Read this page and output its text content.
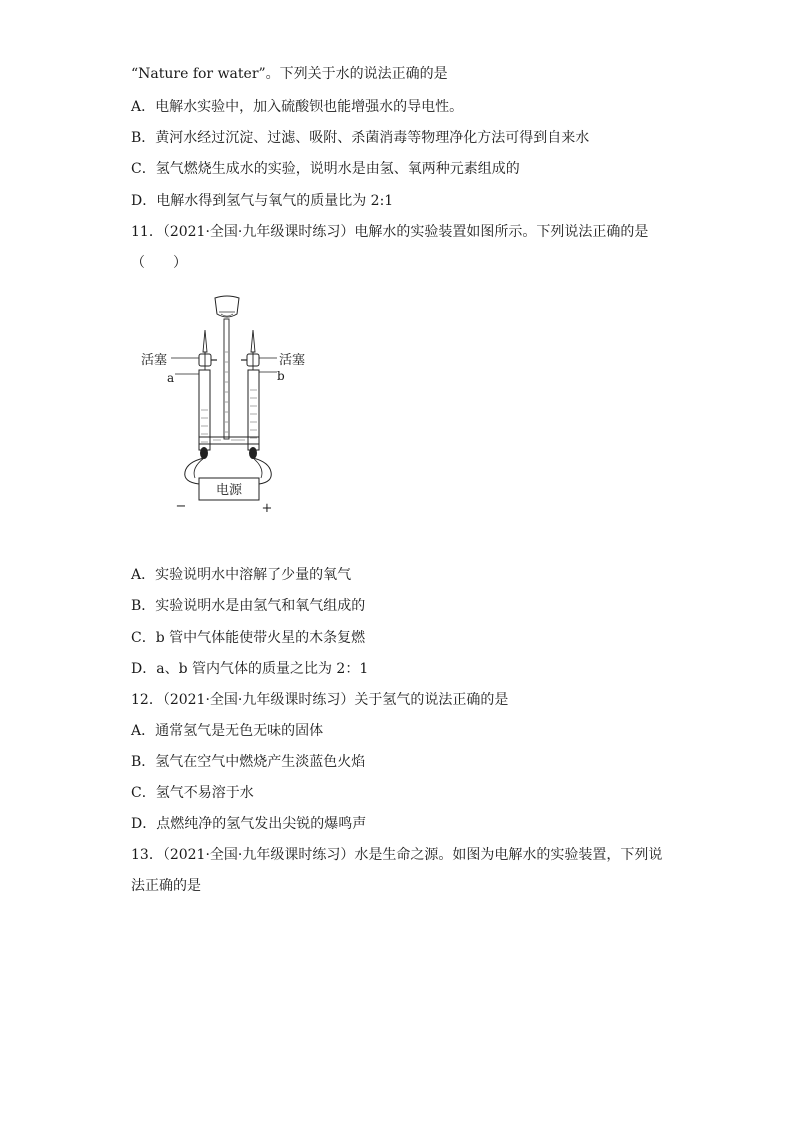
“Nature for water”。下列关于水的说法正确的是
A．电解水实验中，加入硫酸钡也能增强水的导电性。
B．黄河水经过沉淀、过滤、吸附、杀菌消毒等物理净化方法可得到自来水
C．氢气燃烧生成水的实验，说明水是由氢、氧两种元素组成的
D．电解水得到氢气与氧气的质量比为 2:1
11．（2021·全国·九年级课时练习）电解水的实验装置如图所示。下列说法正确的是
（　　）
电源
−	+
活塞	活塞
a	b
A．实验说明水中溶解了少量的氧气
B．实验说明水是由氢气和氧气组成的
C．b 管中气体能使带火星的木条复燃
D．a、b 管内气体的质量之比为 2：1
12．（2021·全国·九年级课时练习）关于氢气的说法正确的是
A．通常氢气是无色无味的固体
B．氢气在空气中燃烧产生淡蓝色火焰
C．氢气不易溶于水
D．点燃纯净的氢气发出尖锐的爆鸣声
13．（2021·全国·九年级课时练习）水是生命之源。如图为电解水的实验装置，下列说
法正确的是
